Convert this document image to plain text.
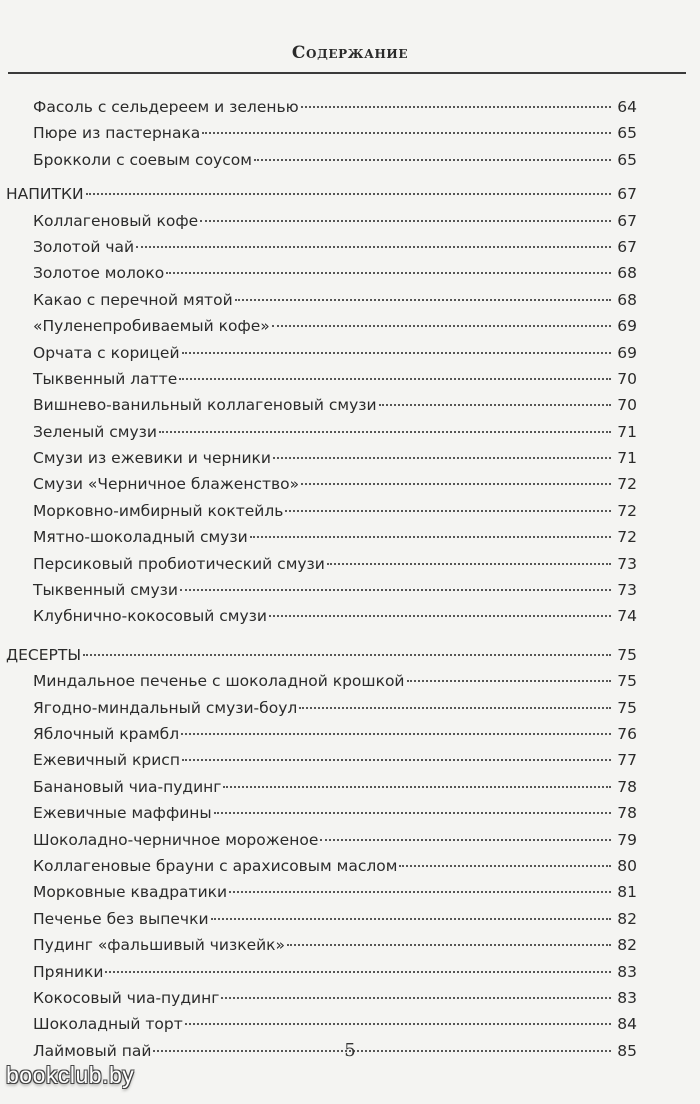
Содержание
Фасоль с сельдереем и зеленью	64
Пюре из пастернака	65
Брокколи с соевым соусом	65
НАПИТКИ	67
Коллагеновый кофе	67
Золотой чай	67
Золотое молоко	68
Какао с перечной мятой	68
«Пуленепробиваемый кофе»	69
Орчата с корицей	69
Тыквенный латте	70
Вишнево-ванильный коллагеновый смузи	70
Зеленый смузи	71
Смузи из ежевики и черники	71
Смузи «Черничное блаженство»	72
Морковно-имбирный коктейль	72
Мятно-шоколадный смузи	72
Персиковый пробиотический смузи	73
Тыквенный смузи	73
Клубнично-кокосовый смузи	74
ДЕСЕРТЫ	75
Миндальное печенье с шоколадной крошкой	75
Ягодно-миндальный смузи-боул	75
Яблочный крамбл	76
Ежевичный крисп	77
Банановый чиа-пудинг	78
Ежевичные маффины	78
Шоколадно-черничное мороженое	79
Коллагеновые брауни с арахисовым маслом	80
Морковные квадратики	81
Печенье без выпечки	82
Пудинг «фальшивый чизкейк»	82
Пряники	83
Кокосовый чиа-пудинг	83
Шоколадный торт	84
Лаймовый пай	85
5
bookclub.by
